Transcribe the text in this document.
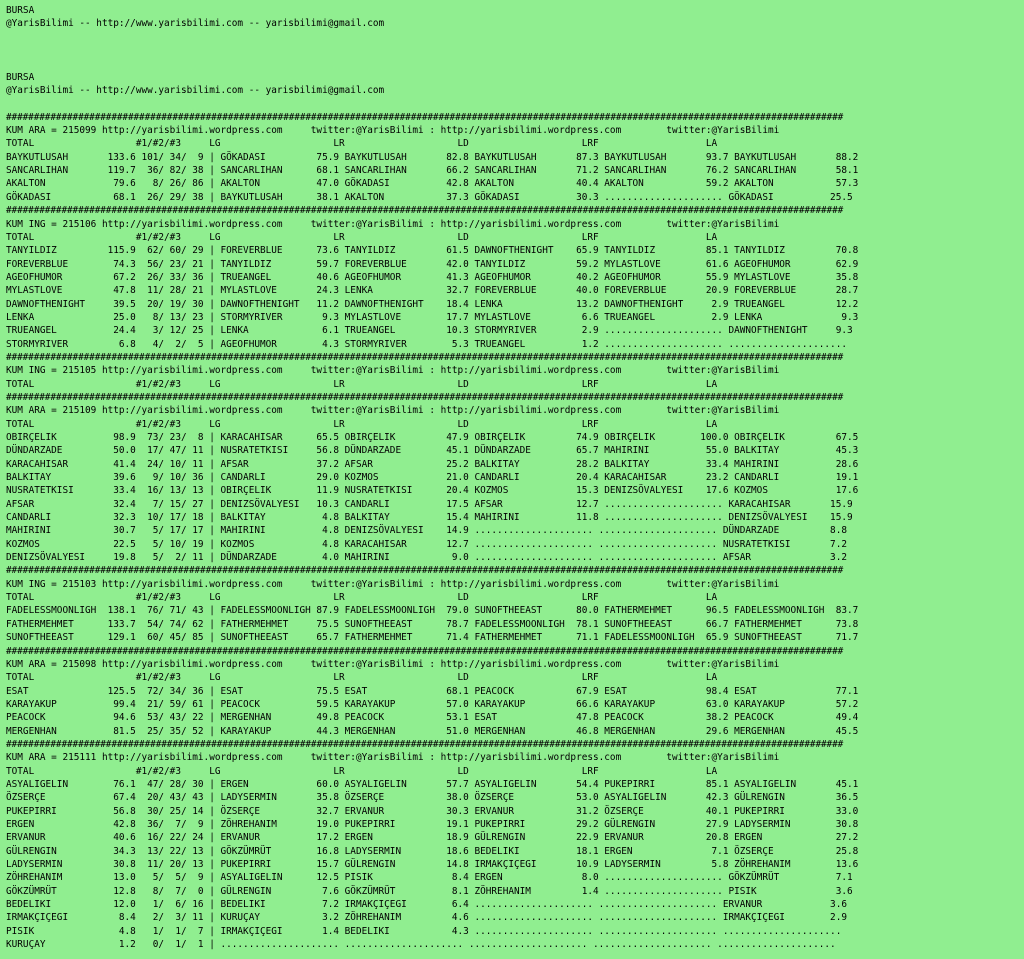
BURSA
@YarisBilimi -- http://www.yarisbilimi.com -- yarisbilimi@gmail.com
BURSA
@YarisBilimi -- http://www.yarisbilimi.com -- yarisbilimi@gmail.com
#######################################################################################################################################################
KUM ARA = 215099 http://yarisbilimi.wordpress.com     twitter:@YarisBilimi : http://yarisbilimi.wordpress.com        twitter:@YarisBilimi
TOTAL                  #1/#2/#3     LG                    LR                    LD                    LRF                   LA
BAYKUTLUSAH       133.6 101/ 34/  9 | GÖKADASI         75.9 BAYKUTLUSAH       82.8 BAYKUTLUSAH       87.3 BAYKUTLUSAH       93.7 BAYKUTLUSAH       88.2
SANCARLIHAN       119.7  36/ 82/ 38 | SANCARLIHAN      68.1 SANCARLIHAN       66.2 SANCARLIHAN       71.2 SANCARLIHAN       76.2 SANCARLIHAN       58.1
AKALTON            79.6   8/ 26/ 86 | AKALTON          47.0 GÖKADASI          42.8 AKALTON           40.4 AKALTON           59.2 AKALTON           57.3
GÖKADASI           68.1  26/ 29/ 38 | BAYKUTLUSAH      38.1 AKALTON           37.3 GÖKADASI          30.3 ..................... GÖKADASI          25.5
#######################################################################################################################################################
KUM ING = 215106 http://yarisbilimi.wordpress.com     twitter:@YarisBilimi : http://yarisbilimi.wordpress.com        twitter:@YarisBilimi
TOTAL                  #1/#2/#3     LG                    LR                    LD                    LRF                   LA
TANYILDIZ         115.9  62/ 60/ 29 | FOREVERBLUE      73.6 TANYILDIZ         61.5 DAWNOFTHENIGHT    65.9 TANYILDIZ         85.1 TANYILDIZ         70.8
FOREVERBLUE        74.3  56/ 23/ 21 | TANYILDIZ        59.7 FOREVERBLUE       42.0 TANYILDIZ         59.2 MYLASTLOVE        61.6 AGEOFHUMOR        62.9
AGEOFHUMOR         67.2  26/ 33/ 36 | TRUEANGEL        40.6 AGEOFHUMOR        41.3 AGEOFHUMOR        40.2 AGEOFHUMOR        55.9 MYLASTLOVE        35.8
MYLASTLOVE         47.8  11/ 28/ 21 | MYLASTLOVE       24.3 LENKA             32.7 FOREVERBLUE       40.0 FOREVERBLUE       20.9 FOREVERBLUE       28.7
DAWNOFTHENIGHT     39.5  20/ 19/ 30 | DAWNOFTHENIGHT   11.2 DAWNOFTHENIGHT    18.4 LENKA             13.2 DAWNOFTHENIGHT     2.9 TRUEANGEL         12.2
LENKA              25.0   8/ 13/ 23 | STORMYRIVER       9.3 MYLASTLOVE        17.7 MYLASTLOVE         6.6 TRUEANGEL          2.9 LENKA              9.3
TRUEANGEL          24.4   3/ 12/ 25 | LENKA             6.1 TRUEANGEL         10.3 STORMYRIVER        2.9 ..................... DAWNOFTHENIGHT     9.3
STORMYRIVER         6.8   4/  2/  5 | AGEOFHUMOR        4.3 STORMYRIVER        5.3 TRUEANGEL          1.2 ..................... .....................
#######################################################################################################################################################
KUM ING = 215105 http://yarisbilimi.wordpress.com     twitter:@YarisBilimi : http://yarisbilimi.wordpress.com        twitter:@YarisBilimi
TOTAL                  #1/#2/#3     LG                    LR                    LD                    LRF                   LA
#######################################################################################################################################################
KUM ARA = 215109 http://yarisbilimi.wordpress.com     twitter:@YarisBilimi : http://yarisbilimi.wordpress.com        twitter:@YarisBilimi
TOTAL                  #1/#2/#3     LG                    LR                    LD                    LRF                   LA
OBIRÇELIK          98.9  73/ 23/  8 | KARACAHISAR      65.5 OBIRÇELIK         47.9 OBIRÇELIK         74.9 OBIRÇELIK        100.0 OBIRÇELIK         67.5
DÜNDARZADE         50.0  17/ 47/ 11 | NUSRATETKISI     56.8 DÜNDARZADE        45.1 DÜNDARZADE        65.7 MAHIRINI          55.0 BALKITAY          45.3
KARACAHISAR        41.4  24/ 10/ 11 | AFSAR            37.2 AFSAR             25.2 BALKITAY          28.2 BALKITAY          33.4 MAHIRINI          28.6
BALKITAY           39.6   9/ 10/ 36 | CANDARLI         29.0 KOZMOS            21.0 CANDARLI          20.4 KARACAHISAR       23.2 CANDARLI          19.1
NUSRATETKISI       33.4  16/ 13/ 13 | OBIRÇELIK        11.9 NUSRATETKISI      20.4 KOZMOS            15.3 DENIZSÖVALYESI    17.6 KOZMOS            17.6
AFSAR              32.4   7/ 15/ 27 | DENIZSÖVALYESI   10.3 CANDARLI          17.5 AFSAR             12.7 ..................... KARACAHISAR       15.9
CANDARLI           32.3  10/ 17/ 18 | BALKITAY          4.8 BALKITAY          15.4 MAHIRINI          11.8 ..................... DENIZSÖVALYESI    15.9
MAHIRINI           30.7   5/ 17/ 17 | MAHIRINI          4.8 DENIZSÖVALYESI    14.9 ..................... ..................... DÜNDARZADE         8.8
KOZMOS             22.5   5/ 10/ 19 | KOZMOS            4.8 KARACAHISAR       12.7 ..................... ..................... NUSRATETKISI       7.2
DENIZSÖVALYESI     19.8   5/  2/ 11 | DÜNDARZADE        4.0 MAHIRINI           9.0 ..................... ..................... AFSAR              3.2
#######################################################################################################################################################
KUM ING = 215103 http://yarisbilimi.wordpress.com     twitter:@YarisBilimi : http://yarisbilimi.wordpress.com        twitter:@YarisBilimi
TOTAL                  #1/#2/#3     LG                    LR                    LD                    LRF                   LA
FADELESSMOONLIGH  138.1  76/ 71/ 43 | FADELESSMOONLIGH 87.9 FADELESSMOONLIGH  79.0 SUNOFTHEEAST      80.0 FATHERMEHMET      96.5 FADELESSMOONLIGH  83.7
FATHERMEHMET      133.7  54/ 74/ 62 | FATHERMEHMET     75.5 SUNOFTHEEAST      78.7 FADELESSMOONLIGH  78.1 SUNOFTHEEAST      66.7 FATHERMEHMET      73.8
SUNOFTHEEAST      129.1  60/ 45/ 85 | SUNOFTHEEAST     65.7 FATHERMEHMET      71.4 FATHERMEHMET      71.1 FADELESSMOONLIGH  65.9 SUNOFTHEEAST      71.7
#######################################################################################################################################################
KUM ARA = 215098 http://yarisbilimi.wordpress.com     twitter:@YarisBilimi : http://yarisbilimi.wordpress.com        twitter:@YarisBilimi
TOTAL                  #1/#2/#3     LG                    LR                    LD                    LRF                   LA
ESAT              125.5  72/ 34/ 36 | ESAT             75.5 ESAT              68.1 PEACOCK           67.9 ESAT              98.4 ESAT              77.1
KARAYAKUP          99.4  21/ 59/ 61 | PEACOCK          59.5 KARAYAKUP         57.0 KARAYAKUP         66.6 KARAYAKUP         63.0 KARAYAKUP         57.2
PEACOCK            94.6  53/ 43/ 22 | MERGENHAN        49.8 PEACOCK           53.1 ESAT              47.8 PEACOCK           38.2 PEACOCK           49.4
MERGENHAN          81.5  25/ 35/ 52 | KARAYAKUP        44.3 MERGENHAN         51.0 MERGENHAN         46.8 MERGENHAN         29.6 MERGENHAN         45.5
#######################################################################################################################################################
KUM ARA = 215111 http://yarisbilimi.wordpress.com     twitter:@YarisBilimi : http://yarisbilimi.wordpress.com        twitter:@YarisBilimi
TOTAL                  #1/#2/#3     LG                    LR                    LD                    LRF                   LA
ASYALIGELIN        76.1  47/ 28/ 30 | ERGEN            60.0 ASYALIGELIN       57.7 ASYALIGELIN       54.4 PUKEPIRRI         85.1 ASYALIGELIN       45.1
ÖZSERÇE            67.4  20/ 43/ 43 | LADYSERMIN       35.8 ÖZSERÇE           38.0 ÖZSERÇE           53.0 ASYALIGELIN       42.3 GÜLRENGIN         36.5
PUKEPIRRI          56.8  30/ 25/ 14 | ÖZSERÇE          32.7 ERVANUR           30.3 ERVANUR           31.2 ÖZSERÇE           40.1 PUKEPIRRI         33.0
ERGEN              42.8  36/  7/  9 | ZÖHREHANIM       19.0 PUKEPIRRI         19.1 PUKEPIRRI         29.2 GÜLRENGIN         27.9 LADYSERMIN        30.8
ERVANUR            40.6  16/ 22/ 24 | ERVANUR          17.2 ERGEN             18.9 GÜLRENGIN         22.9 ERVANUR           20.8 ERGEN             27.2
GÜLRENGIN          34.3  13/ 22/ 13 | GÖKZÜMRÜT        16.8 LADYSERMIN        18.6 BEDELIKI          18.1 ERGEN              7.1 ÖZSERÇE           25.8
LADYSERMIN         30.8  11/ 20/ 13 | PUKEPIRRI        15.7 GÜLRENGIN         14.8 IRMAKÇIÇEGI       10.9 LADYSERMIN         5.8 ZÖHREHANIM        13.6
ZÖHREHANIM         13.0   5/  5/  9 | ASYALIGELIN      12.5 PISIK              8.4 ERGEN              8.0 ..................... GÖKZÜMRÜT          7.1
GÖKZÜMRÜT          12.8   8/  7/  0 | GÜLRENGIN         7.6 GÖKZÜMRÜT          8.1 ZÖHREHANIM         1.4 ..................... PISIK              3.6
BEDELIKI           12.0   1/  6/ 16 | BEDELIKI          7.2 IRMAKÇIÇEGI        6.4 ..................... ..................... ERVANUR            3.6
IRMAKÇIÇEGI         8.4   2/  3/ 11 | KURUÇAY           3.2 ZÖHREHANIM         4.6 ..................... ..................... IRMAKÇIÇEGI        2.9
PISIK               4.8   1/  1/  7 | IRMAKÇIÇEGI       1.4 BEDELIKI           4.3 ..................... ..................... .....................
KURUÇAY             1.2   0/  1/  1 | ..................... ..................... ..................... ..................... .....................
